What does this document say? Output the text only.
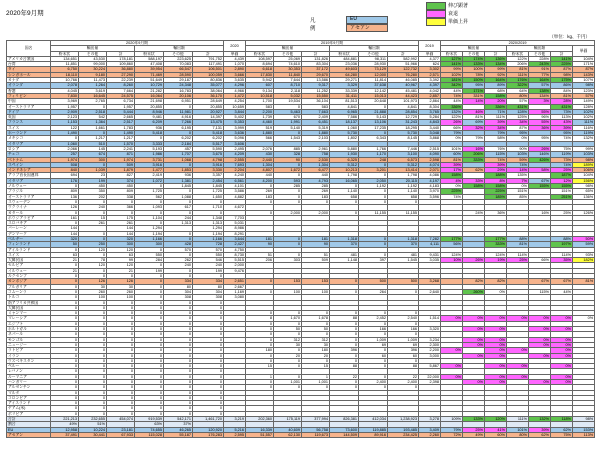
2020年9月期
凡例
EU
アセアン
伸び顕著
衰退
単価上昇
（単位：kg、千円）
国名	2020年9月期						2020	2019年9月期						2019	2020/2019						
	輸出量			輸出額				輸出量			輸出額				輸出量			輸出額			単価
	粉末状	その他	計	粉末状	その他	計	単価	粉末状	その他	計	粉末状	その他	計	単価	粉末状	その他	計	粉末状	その他	計	
アメリカ合衆国	134,651	43,530	178,181	588,197	223,625	791,752	4,439	108,597	25,069	131,826	484,881	98,311	582,992	4,377	127%	174%	136%	122%	228%	141%	104%
台湾	11,851	99,000	109,860	47,408	70,083	117,491	1,070	8,694	74,610	83,304	23,036	28,930	51,966	624	141%	133%	134%	206%	243%	225%	171%
タイ	6,750	30,224	36,880	39,954	66,547	106,501	2,890	6,618	30,353	37,172	49,603	73,129	122,732	3,302	99%	100%	99%	81%	91%	87%	87%
シンガポール	18,110	9,180	27,290	71,469	28,590	100,059	3,666	17,830	11,840	29,670	64,280	12,000	76,280	2,571	102%	78%	92%	111%	77%	98%	143%
カナダ	10,766	11,473	22,239	51,649	29,187	80,836	3,635	5,942	7,644	13,586	29,271	11,814	46,085	3,392	181%	150%	164%	176%	164%	175%	107%
オランダ	2,078	1,264	8,260	10,729	24,348	35,077	4,296	607	8,710	9,317	3,329	37,638	40,967	4,397	342%	95%	89%	322%	57%	86%	98%
香港	4,045	3,619	7,664	21,282	16,783	38,064	4,966	9,134	2,118	11,252	33,339	12,142	45,481	4,042	44%	171%	68%	64%	138%	84%	123%
フィリピン	7,830	16,645	24,575	16,064	20,106	36,170	1,472	10,518	5,032	15,550	31,411	15,013	44,423	2,857	74%	331%	158%	80%	134%	81%	57%
中国	3,969	2,765	6,734	21,698	6,951	28,649	4,254	1,700	19,534	36,104	81,513	20,648	101,973	2,864	44%	14%	20%	57%	3%	28%	149%
オーストラリア	1,957	0	1,957	20,855	0	20,855	10,659	583	0	583	4,841	0	4,841	8,304	336%		336%	431%		431%	128%
ドイツ	2,909	2,518	5,444	8,946	11,981	20,927	3,844	2,200	5,463	7,663	6,965	21,888	28,854	3,765	132%	46%	71%	128%	55%	73%	102%
英国	2,123	542	2,665	9,481	4,916	14,397	5,402	1,739	670	2,409	7,586	5,143	12,729	5,284	122%	81%	111%	125%	96%	113%	102%
フランス	1,153	1,364	2,517	6,209	7,266	13,475	5,353	4,460	1,991	6,451	18,137	13,106	31,243	4,843	26%	69%	39%	34%	55%	43%	111%
スイス	122	1,661	1,783	936	6,195	7,131	3,999	519	5,140	5,319	1,060	17,235	18,295	3,440	66%	32%	34%	87%	36%	39%	116%
ポーランド	1,490	0	1,490	5,418	0	5,418	3,636	1,880	0	1,880	5,730	0	5,730	3,048	79%		79%	95%		95%	119%
メキシコ	0	1,217	1,217	0	6,202	6,202	5,096	566	1,543	2,103	1,802	6,343	8,145	3,868	0%	79%	58%	0%	95%	74%	132%
イタリア	1,060	510	1,570	3,333	2,184	5,517	3,606														
ロシア	2,066	145	2,241	5,193	457	5,590	2,495	2,076	885	2,961	5,880	1,766	7,446	2,515	101%	16%	76%	90%	26%	75%	99%
チェコ	257	674	871	1,986	1,707	3,675	4,209	430	328	758	1,930	1,170	3,100	4,090	60%	206%	115%	103%	146%	119%	103%
ベトナム	1,974	300	1,974	3,731	1,068	4,798	2,555	2,440	90	2,530	6,325	248	6,573	2,598	81%	333%	74%	59%	426%	73%	98%
スペイン	508	0	509	3,916	0	3,916	7,693	1,304	0	1,304	5,312	0	5,312	4,074	39%		39%	74%		74%	189%
インドネシア	840	1,039	1,879	1,477	1,853	3,330	2,204	4,807	1,672	6,477	10,213	3,201	13,414	2,071	17%	62%	29%	14%	58%	25%	106%
アラブ首長国連邦	694	23	827	2,419	936	3,357	4,240	440	0	440	1,798	0	1,798	4,086	158%		188%	135%		187%	104%
イタリア	176	199	374	1,072	1,381	2,454	6,561	4,200	593	4,793	16,065	2,050	20,115	4,197	4%	33%	8%	7%	67%	12%	156%
ノルウェー	0	450	450	0	1,845	1,845	4,101	0	285	285	0	1,192	1,192	4,183	0%	158%	158%	0%	155%	155%	98%
ブラジル	809	350	809	1,725	0	1,725	3,586	269	0	269	1,140	0	1,140	3,970	225%		225%	151%		151%	65%
オーストラリア	136	202	338	562	1,088	1,650	4,882	183	0	183	658	0	658	3,596	74%		185%	85%		251%	136%
スウェーデン	0	0	0	0	0	0		0	0	0	0	0	0								
ウクライナ	126	240	366	1,093	617	1,710	4,672														
カタール	0	0	0	0	0	0		0	2,000	2,000	0	11,155	11,155			24%	36%		16%	25%	126%
ホウジアラビア	161	15	175	1,104	244	1,348	7,703														
スロバキア	0	261	261	0	1,313	1,313	5,031														
バーレーン	144		144	1,294		1,294	8,986														
デンマーク	144	0	144	1,194	0	1,194	8,291														
ベルギー	320	0	320	1,166	0	1,166	3,644	181	0	181	1,318	0	1,318	7,282	177%		177%	88%		88%	50%
フィンランド	50	250	300	300	428	728	2,427	90	0	90	370	0	370	4,111	56%		333%	81%		197%	59%
アイルランド	0	120	120	0	570	570	4,750														
スイス	63	0	63	550	0	550	8,730	51	0	51	481	0	481	9,431	124%		124%	114%		114%	93%
大韓民国	21	78	99	284	262	546	5,515	206	303	509	1,148	397	1,545	3,035	10%	26%	19%	25%	66%	35%	182%
セルビア	0	120	120	0	240	240	2,000														
イルウェー	21	0	21	199	0	199	9,476														
ルクセンブ	0	0	0	0	0	0															
カンボジア	0	126	126	0	334	334	2,651	0	153	153	0	500	500	3,268		82%	82%		67%	67%	81%
ブルガリア	0	30	30	0	80	80	2,667														
コムーンラ	0	260	260	0	304	304	1,169	0	100	100	0	264	0	2,640		260%	0%		115%	44%	
トルコ	0	100	100	0	308	308	3,080														
南アフリカ共和国	0	0	0	0	0	0															
大韓民国	0	0	0	0	0	0															
ミャンマー	0	0	0	0	0	0		0	0	0	0	0	0								
マレーシア	0	0	0	0	0	0		8	1,670	1,678	88	2,452	2,540	1,514	0%	0%	0%	0%	0%	0%	0%
エジプト	0	0	0	0	0	0		0	0	0	0	0	0								
ポルトガル	0	0	0	0	0	0		0	50	50	0	166	166	3,320		0%	0%		0%	0%	
ネパール	0	0	0	0	0	0		0	0	0	0	0	0								
モンゴル	0	0	0	0	0	0		0	312	312	0	1,009	1,009	3,234		0%	0%		0%	0%	
ニュージー	0	0	0	0	0	0		0	30	30	0	69	69	2,300		0%	0%		0%	0%	
ラトビア	0	0	0	0	0	0		180	0	180	396	0	396	2,200	0%		0%	0%		0%	
イラン	0	0	0	0	0	0		0	20	20	0	60	60	3,000		0%	0%		0%	0%	
ウズベキスタン	0	0	0	0	0	0		0	0	0	0	0	0								
ペルー	0	0	0	0	0	0		15	0	15	88	0	88	5,867	0%		0%	0%		0%	
レバノン	0	0	0	0	0	0															
ルーマニア	0	0	0	0	0	0		1	0	1	22	0	22	22,000	0%		0%	0%		0%	
ハンガリー	0	0	0	0	0	0		0	1,001	1,001	0	2,400	2,400	2,398		0%	0%		0%	0%	
アルゼンチン	0	0	0	0	0	0		0	0	0	0	0	0								
マルタ	0	0	0	0	0	0															
コロンビア	0	0	0	0	0	0															
アイスランド	0	0	0	0	0	0															
ゲアム(米)	0	0	0	0	0	0															
ボリビア	0	0	0	0	0	0															
合計	221,213	232,655	454,074	919,539	542,171	1,461,720	3,219	202,360	175,119	377,994	826,381	412,034	1,238,923	3,278	109%	133%	120%	111%	132%	118%	98%
割合	49%	51%		63%	37%																
EU	12,958	10,224	23,181	74,655	46,265	120,920	5,216	16,339	40,609	56,758	73,600	119,885	193,485	3,409	79%	25%	41%	101%	39%	62%	153%
アセアン	37,491	30,441	67,933	115,028	55,187	176,283	2,595	51,557	62,130	119,673	144,509	89,916	234,425	2,260	72%	49%	60%	80%	62%	75%	113%
